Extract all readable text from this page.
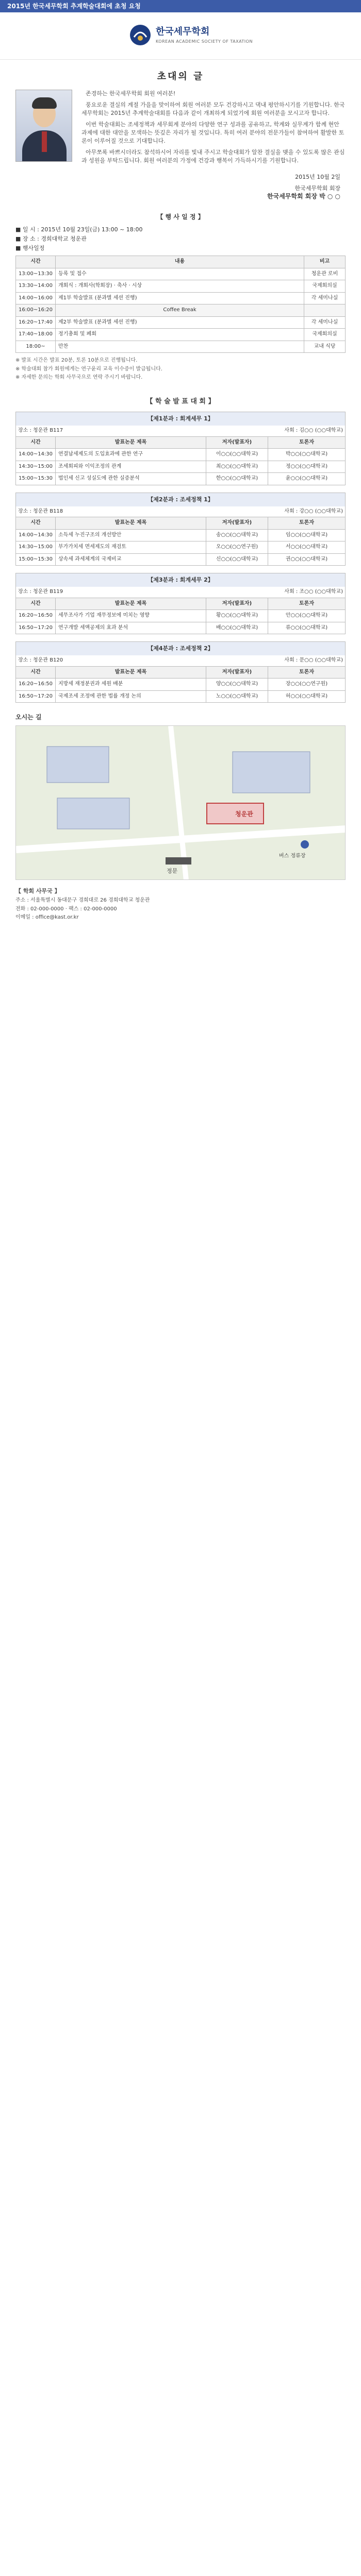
2015년 한국세무학회 추계학술대회에 초청 요청
한국세무학회
KOREAN ACADEMIC SOCIETY OF TAXATION
초대의 글

존경하는 한국세무학회 회원 여러분!

풍요로운 결실의 계절 가을을 맞이하여 회원 여러분 모두 건강하시고 댁내 평안하시기를 기원합니다. 한국세무학회는 2015년 추계학술대회를 다음과 같이 개최하게 되었기에 회원 여러분을 모시고자 합니다.

이번 학술대회는 조세정책과 세무회계 분야의 다양한 연구 성과를 공유하고, 학계와 실무계가 함께 현안 과제에 대한 대안을 모색하는 뜻깊은 자리가 될 것입니다. 특히 여러 분야의 전문가들이 참여하여 활발한 토론이 이루어질 것으로 기대합니다.

아무쪼록 바쁘시더라도 참석하시어 자리를 빛내 주시고 학술대회가 알찬 결실을 맺을 수 있도록 많은 관심과 성원을 부탁드립니다. 회원 여러분의 가정에 건강과 행복이 가득하시기를 기원합니다.

2015년 10월 2일
한국세무학회 회장
한국세무학회 회장 박 ○ ○
【 행 사 일 정 】
■ 일 시 : 2015년 10월 23일(금) 13:00 ~ 18:00
■ 장 소 : 경희대학교 청운관
■ 행사일정
시간	내용	비고
13:00~13:30	등록 및 접수	청운관 로비
13:30~14:00	개회식 : 개회사(학회장) · 축사 · 시상	국제회의실
14:00~16:00	제1부 학술발표 (분과별 세션 진행)	각 세미나실
16:00~16:20	Coffee Break	
16:20~17:40	제2부 학술발표 (분과별 세션 진행)	각 세미나실
17:40~18:00	정기총회 및 폐회	국제회의실
18:00~	만찬	교내 식당
※ 발표 시간은 발표 20분, 토론 10분으로 진행됩니다.
※ 학술대회 참가 회원에게는 연구윤리 교육 이수증이 발급됩니다.
※ 자세한 문의는 학회 사무국으로 연락 주시기 바랍니다.
【 학 술 발 표 대 회 】
【제1분과 : 회계세무 1】
장소 : 청운관 B117	사회 : 김○○ (○○대학교)
시간	발표논문 제목	저자(발표자)	토론자
14:00~14:30	연결납세제도의 도입효과에 관한 연구	이○○(○○대학교)	박○○(○○대학교)
14:30~15:00	조세회피와 이익조정의 관계	최○○(○○대학교)	정○○(○○대학교)
15:00~15:30	법인세 신고 성실도에 관한 실증분석	한○○(○○대학교)	윤○○(○○대학교)
【제2분과 : 조세정책 1】
장소 : 청운관 B118	사회 : 강○○ (○○대학교)
시간	발표논문 제목	저자(발표자)	토론자
14:00~14:30	소득세 누진구조의 개선방안	송○○(○○대학교)	임○○(○○대학교)
14:30~15:00	부가가치세 면세제도의 재검토	오○○(○○연구원)	서○○(○○대학교)
15:00~15:30	상속세 과세체계의 국제비교	신○○(○○대학교)	권○○(○○대학교)
【제3분과 : 회계세무 2】
장소 : 청운관 B119	사회 : 조○○ (○○대학교)
시간	발표논문 제목	저자(발표자)	토론자
16:20~16:50	세무조사가 기업 재무정보에 미치는 영향	황○○(○○대학교)	안○○(○○대학교)
16:50~17:20	연구개발 세액공제의 효과 분석	배○○(○○대학교)	류○○(○○대학교)
【제4분과 : 조세정책 2】
장소 : 청운관 B120	사회 : 문○○ (○○대학교)
시간	발표논문 제목	저자(발표자)	토론자
16:20~16:50	지방세 재정분권과 세원 배분	양○○(○○대학교)	장○○(○○연구원)
16:50~17:20	국제조세 조정에 관한 법률 개정 논의	노○○(○○대학교)	허○○(○○대학교)
오시는 길
청운관
정문
버스 정류장
【 학회 사무국 】

주소 : 서울특별시 동대문구 경희대로 26 경희대학교 청운관

전화 : 02-000-0000 · 팩스 : 02-000-0000

이메일 : office@kast.or.kr
